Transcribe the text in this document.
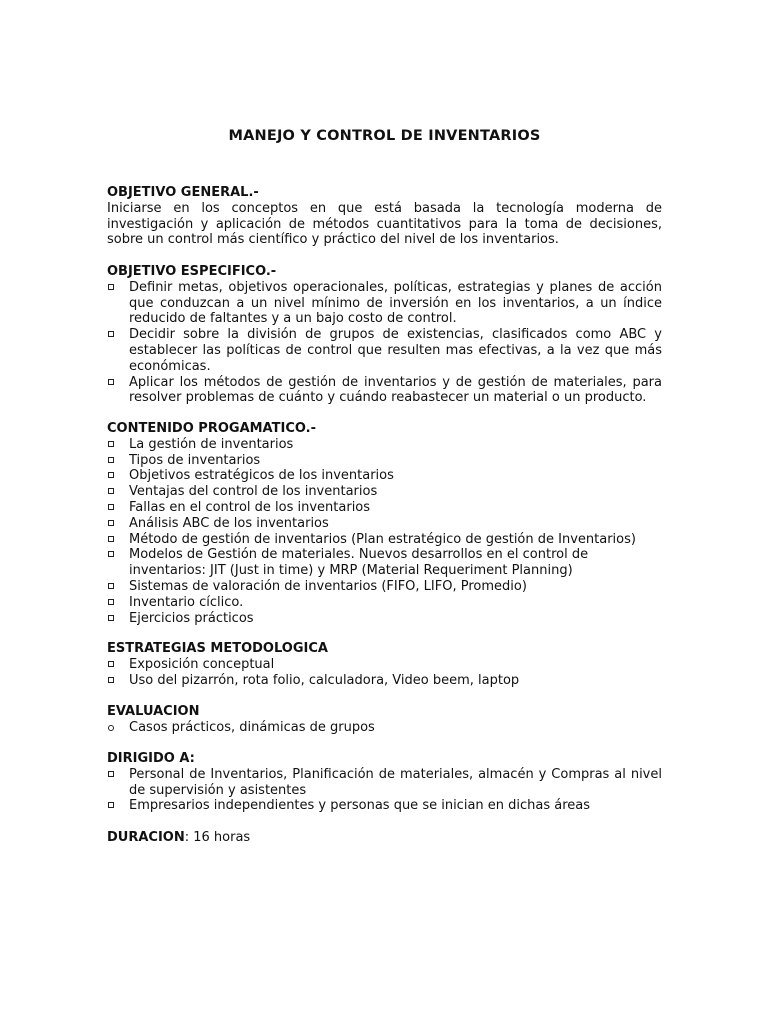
MANEJO Y CONTROL DE INVENTARIOS

OBJETIVO GENERAL.-

Iniciarse en los conceptos en que está basada la tecnología moderna de investigación y aplicación de métodos cuantitativos para la toma de decisiones, sobre un control más científico y práctico del nivel de los inventarios.

OBJETIVO ESPECIFICO.-

Definir metas, objetivos operacionales, políticas, estrategias y planes de acción que conduzcan a un nivel mínimo de inversión en los inventarios, a un índice reducido de faltantes y a un bajo costo de control.
Decidir sobre la división de grupos de existencias, clasificados como ABC y establecer las políticas de control que resulten mas efectivas, a la vez que más económicas.
Aplicar los métodos de gestión de inventarios y de gestión de materiales, para resolver problemas de cuánto y cuándo reabastecer un material o un producto.

CONTENIDO PROGAMATICO.-

La gestión de inventarios
Tipos de inventarios
Objetivos estratégicos de los inventarios
Ventajas del control de los inventarios
Fallas en el control de los inventarios
Análisis ABC de los inventarios
Método de gestión de inventarios (Plan estratégico de gestión de Inventarios)
Modelos de Gestión de materiales. Nuevos desarrollos en el control de inventarios: JIT (Just in time) y MRP (Material Requeriment Planning)
Sistemas de valoración de inventarios (FIFO, LIFO, Promedio)
Inventario cíclico.
Ejercicios prácticos

ESTRATEGIAS METODOLOGICA

Exposición conceptual
Uso del pizarrón, rota folio, calculadora, Video beem, laptop

EVALUACION

Casos prácticos, dinámicas de grupos

DIRIGIDO A:

Personal de Inventarios, Planificación de materiales, almacén y Compras al nivel de supervisión y asistentes
Empresarios independientes y personas que se inician en dichas áreas

DURACION: 16 horas
